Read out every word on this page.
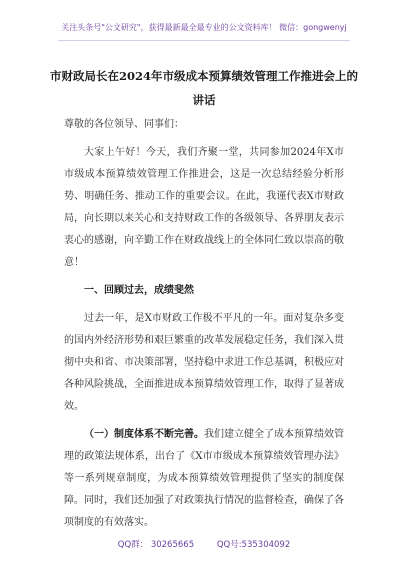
关注头条号"公文研究"，获得最新最全最专业的公文资料库！ 微信：gongwenyj
市财政局长在2024年市级成本预算绩效管理工作推进会上的讲话

尊敬的各位领导、同事们：

大家上午好！今天，我们齐聚一堂，共同参加2024年X市市级成本预算绩效管理工作推进会，这是一次总结经验分析形势、明确任务、推动工作的重要会议。在此，我谨代表X市财政局，向长期以来关心和支持财政工作的各级领导、各界朋友表示衷心的感谢，向辛勤工作在财政战线上的全体同仁致以崇高的敬意！

一、回顾过去，成绩斐然

过去一年，是X市财政工作极不平凡的一年。面对复杂多变的国内外经济形势和艰巨繁重的改革发展稳定任务，我们深入贯彻中央和省、市决策部署，坚持稳中求进工作总基调，积极应对各种风险挑战，全面推进成本预算绩效管理工作，取得了显著成效。

（一）制度体系不断完善。我们建立健全了成本预算绩效管理的政策法规体系，出台了《X市市级成本预算绩效管理办法》等一系列规章制度，为成本预算绩效管理提供了坚实的制度保障。同时，我们还加强了对政策执行情况的监督检查，确保了各项制度的有效落实。

QQ群： 30265665	QQ号:535304092
